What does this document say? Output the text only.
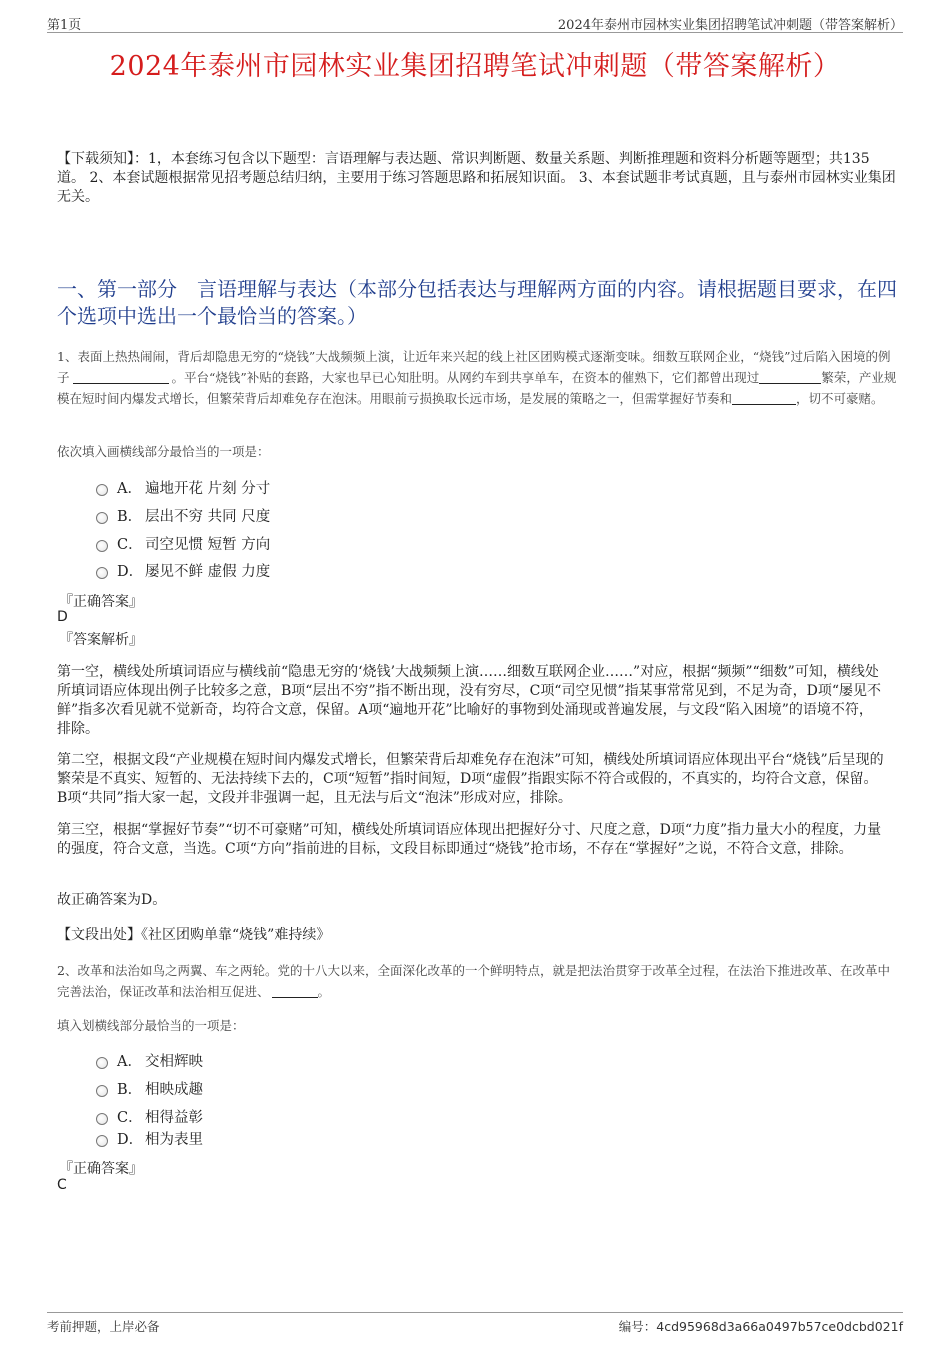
第1页	2024年泰州市园林实业集团招聘笔试冲刺题（带答案解析）
2024年泰州市园林实业集团招聘笔试冲刺题（带答案解析）
【下载须知】：1，本套练习包含以下题型：言语理解与表达题、常识判断题、数量关系题、判断推理题和资料分析题等题型；共135道。 2、本套试题根据常见招考题总结归纳，主要用于练习答题思路和拓展知识面。 3、本套试题非考试真题，且与泰州市园林实业集团无关。
一、第一部分　言语理解与表达（本部分包括表达与理解两方面的内容。请根据题目要求，在四个选项中选出一个最恰当的答案。）
1、表面上热热闹闹，背后却隐患无穷的“烧钱”大战频频上演，让近年来兴起的线上社区团购模式逐渐变味。细数互联网企业，“烧钱”过后陷入困境的例子	。平台“烧钱”补贴的套路，大家也早已心知肚明。从网约车到共享单车，在资本的催熟下，它们都曾出现过	繁荣，产业规模在短时间内爆发式增长，但繁荣背后却难免存在泡沫。用眼前亏损换取长远市场，是发展的策略之一，但需掌握好节奏和	，切不可豪赌。
依次填入画横线部分最恰当的一项是：
A． 遍地开花 片刻 分寸
B． 层出不穷 共同 尺度
C． 司空见惯 短暂 方向
D． 屡见不鲜 虚假 力度
『正确答案』
D
『答案解析』
第一空，横线处所填词语应与横线前“隐患无穷的‘烧钱’大战频频上演……细数互联网企业……”对应，根据“频频”“细数”可知，横线处所填词语应体现出例子比较多之意，B项“层出不穷”指不断出现，没有穷尽，C项“司空见惯”指某事常常见到，不足为奇，D项“屡见不鲜”指多次看见就不觉新奇，均符合文意，保留。A项“遍地开花”比喻好的事物到处涌现或普遍发展，与文段“陷入困境”的语境不符，排除。
第二空，根据文段“产业规模在短时间内爆发式增长，但繁荣背后却难免存在泡沫”可知，横线处所填词语应体现出平台“烧钱”后呈现的繁荣是不真实、短暂的、无法持续下去的，C项“短暂”指时间短，D项“虚假”指跟实际不符合或假的，不真实的，均符合文意，保留。B项“共同”指大家一起，文段并非强调一起，且无法与后文“泡沫”形成对应，排除。
第三空，根据“掌握好节奏”“切不可豪赌”可知，横线处所填词语应体现出把握好分寸、尺度之意，D项“力度”指力量大小的程度，力量的强度，符合文意，当选。C项“方向”指前进的目标，文段目标即通过“烧钱”抢市场，不存在“掌握好”之说，不符合文意，排除。
故正确答案为D。
【文段出处】《社区团购单靠“烧钱”难持续》
2、改革和法治如鸟之两翼、车之两轮。党的十八大以来，全面深化改革的一个鲜明特点，就是把法治贯穿于改革全过程，在法治下推进改革、在改革中完善法治，保证改革和法治相互促进、	。
填入划横线部分最恰当的一项是：
A． 交相辉映
B． 相映成趣
C． 相得益彰
D． 相为表里
『正确答案』
C
考前押题，上岸必备	编号：4cd95968d3a66a0497b57ce0dcbd021f
